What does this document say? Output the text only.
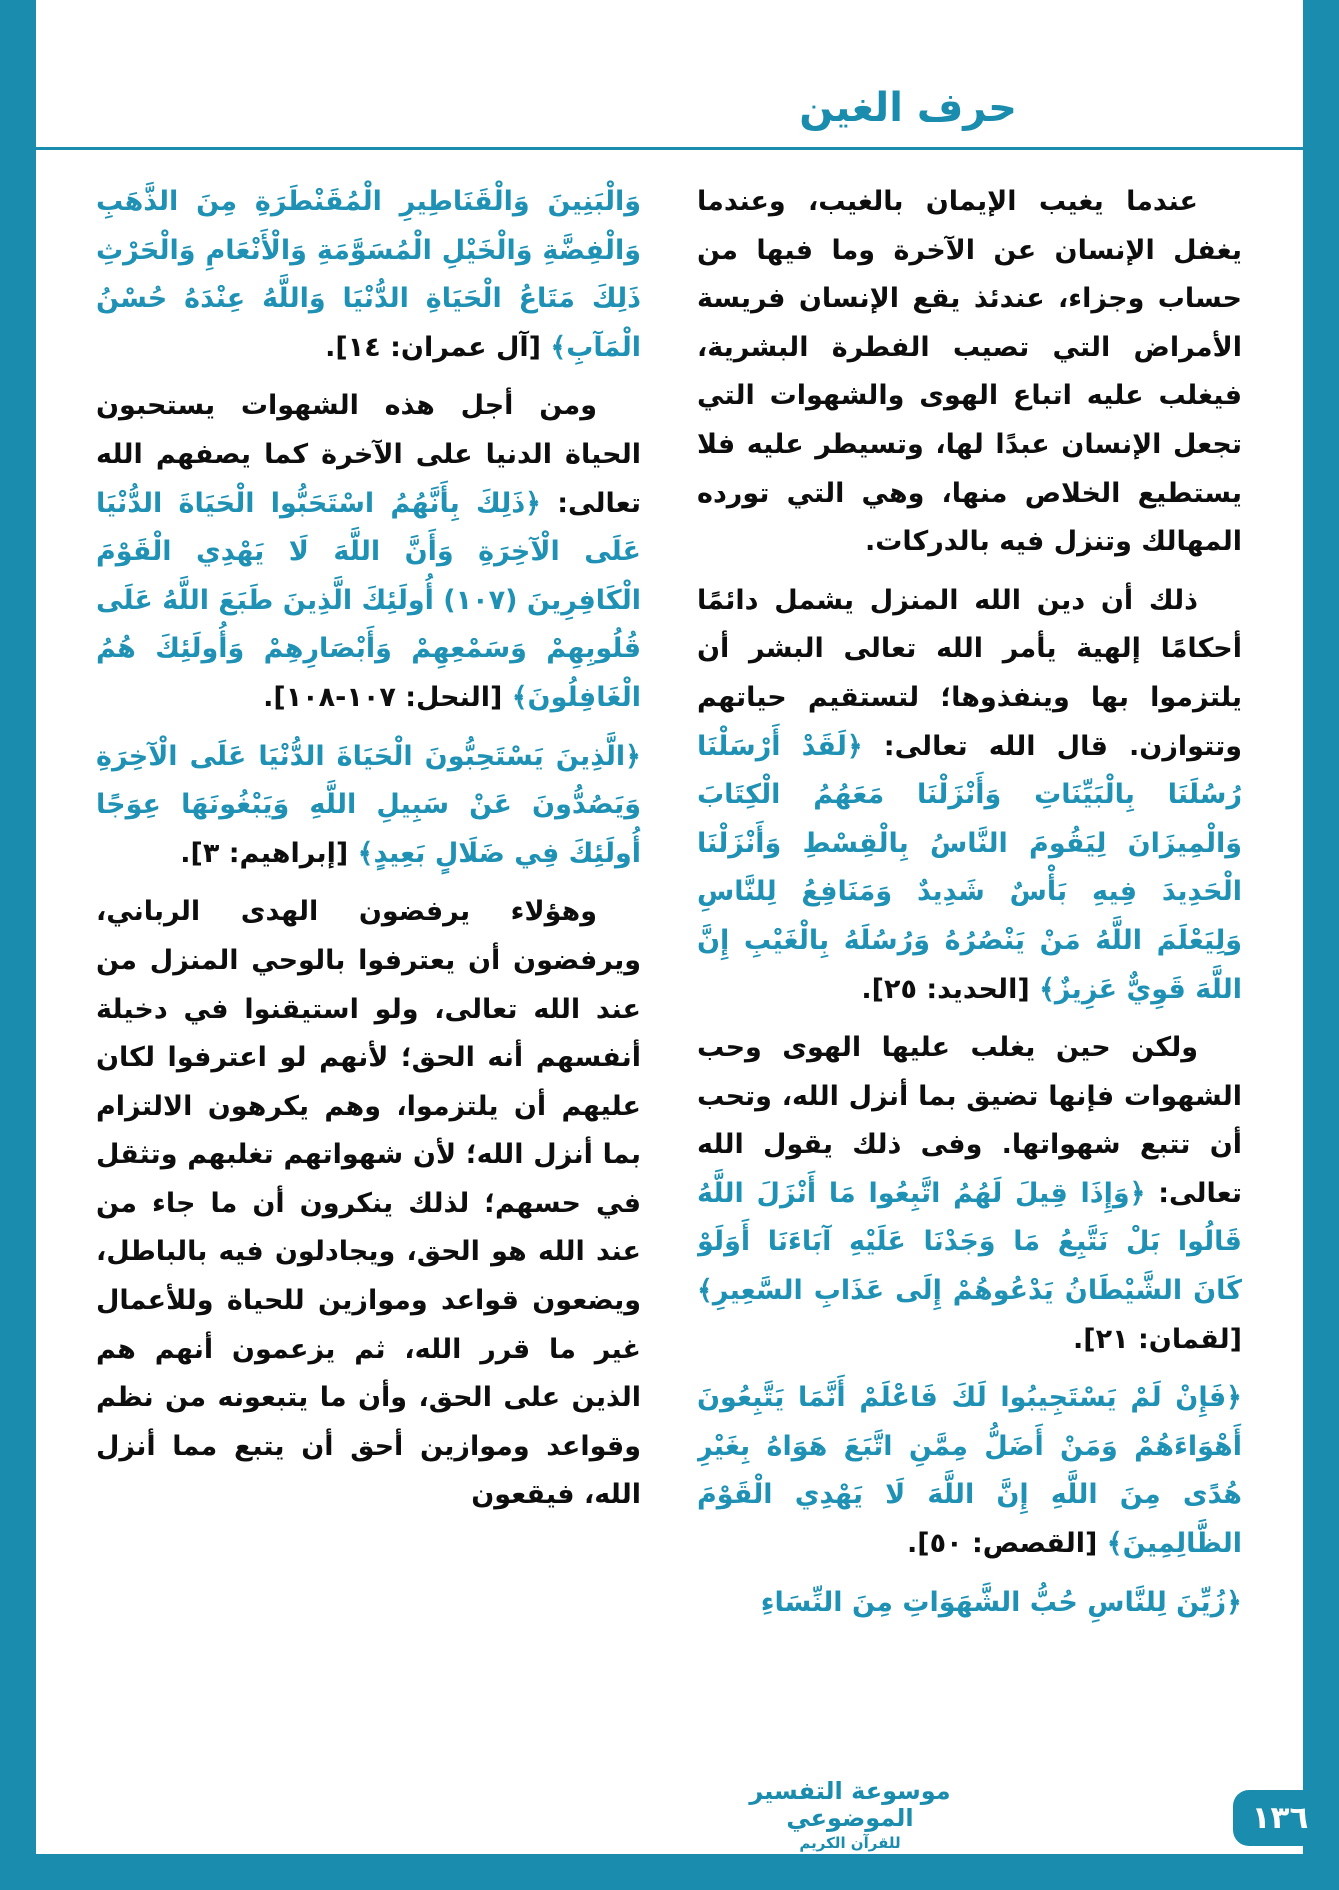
حرف الغين

عندما يغيب الإيمان بالغيب، وعندما يغفل الإنسان عن الآخرة وما فيها من حساب وجزاء، عندئذ يقع الإنسان فريسة الأمراض التي تصيب الفطرة البشرية، فيغلب عليه اتباع الهوى والشهوات التي تجعل الإنسان عبدًا لها، وتسيطر عليه فلا يستطيع الخلاص منها، وهي التي تورده المهالك وتنزل فيه بالدركات.

ذلك أن دين الله المنزل يشمل دائمًا أحكامًا إلهية يأمر الله تعالى البشر أن يلتزموا بها وينفذوها؛ لتستقيم حياتهم وتتوازن. قال الله تعالى: ﴿لَقَدْ أَرْسَلْنَا رُسُلَنَا بِالْبَيِّنَاتِ وَأَنْزَلْنَا مَعَهُمُ الْكِتَابَ وَالْمِيزَانَ لِيَقُومَ النَّاسُ بِالْقِسْطِ وَأَنْزَلْنَا الْحَدِيدَ فِيهِ بَأْسٌ شَدِيدٌ وَمَنَافِعُ لِلنَّاسِ وَلِيَعْلَمَ اللَّهُ مَنْ يَنْصُرُهُ وَرُسُلَهُ بِالْغَيْبِ إِنَّ اللَّهَ قَوِيٌّ عَزِيزٌ﴾ [الحديد: ٢٥].

ولكن حين يغلب عليها الهوى وحب الشهوات فإنها تضيق بما أنزل الله، وتحب أن تتبع شهواتها. وفى ذلك يقول الله تعالى: ﴿وَإِذَا قِيلَ لَهُمُ اتَّبِعُوا مَا أَنْزَلَ اللَّهُ قَالُوا بَلْ نَتَّبِعُ مَا وَجَدْنَا عَلَيْهِ آبَاءَنَا أَوَلَوْ كَانَ الشَّيْطَانُ يَدْعُوهُمْ إِلَى عَذَابِ السَّعِيرِ﴾ [لقمان: ٢١].

﴿فَإِنْ لَمْ يَسْتَجِيبُوا لَكَ فَاعْلَمْ أَنَّمَا يَتَّبِعُونَ أَهْوَاءَهُمْ وَمَنْ أَضَلُّ مِمَّنِ اتَّبَعَ هَوَاهُ بِغَيْرِ هُدًى مِنَ اللَّهِ إِنَّ اللَّهَ لَا يَهْدِي الْقَوْمَ الظَّالِمِينَ﴾ [القصص: ٥٠].

﴿زُيِّنَ لِلنَّاسِ حُبُّ الشَّهَوَاتِ مِنَ النِّسَاءِ

وَالْبَنِينَ وَالْقَنَاطِيرِ الْمُقَنْطَرَةِ مِنَ الذَّهَبِ وَالْفِضَّةِ وَالْخَيْلِ الْمُسَوَّمَةِ وَالْأَنْعَامِ وَالْحَرْثِ ذَلِكَ مَتَاعُ الْحَيَاةِ الدُّنْيَا وَاللَّهُ عِنْدَهُ حُسْنُ الْمَآبِ﴾ [آل عمران: ١٤].

ومن أجل هذه الشهوات يستحبون الحياة الدنيا على الآخرة كما يصفهم الله تعالى: ﴿ذَلِكَ بِأَنَّهُمُ اسْتَحَبُّوا الْحَيَاةَ الدُّنْيَا عَلَى الْآخِرَةِ وَأَنَّ اللَّهَ لَا يَهْدِي الْقَوْمَ الْكَافِرِينَ (١٠٧) أُولَئِكَ الَّذِينَ طَبَعَ اللَّهُ عَلَى قُلُوبِهِمْ وَسَمْعِهِمْ وَأَبْصَارِهِمْ وَأُولَئِكَ هُمُ الْغَافِلُونَ﴾ [النحل: ١٠٧-١٠٨].

﴿الَّذِينَ يَسْتَحِبُّونَ الْحَيَاةَ الدُّنْيَا عَلَى الْآخِرَةِ وَيَصُدُّونَ عَنْ سَبِيلِ اللَّهِ وَيَبْغُونَهَا عِوَجًا أُولَئِكَ فِي ضَلَالٍ بَعِيدٍ﴾ [إبراهيم: ٣].

وهؤلاء يرفضون الهدى الرباني، ويرفضون أن يعترفوا بالوحي المنزل من عند الله تعالى، ولو استيقنوا في دخيلة أنفسهم أنه الحق؛ لأنهم لو اعترفوا لكان عليهم أن يلتزموا، وهم يكرهون الالتزام بما أنزل الله؛ لأن شهواتهم تغلبهم وتثقل في حسهم؛ لذلك ينكرون أن ما جاء من عند الله هو الحق، ويجادلون فيه بالباطل، ويضعون قواعد وموازين للحياة وللأعمال غير ما قرر الله، ثم يزعمون أنهم هم الذين على الحق، وأن ما يتبعونه من نظم وقواعد وموازين أحق أن يتبع مما أنزل الله، فيقعون

موسوعة التفسير الموضوعي
للقرآن الكريم
١٣٦
